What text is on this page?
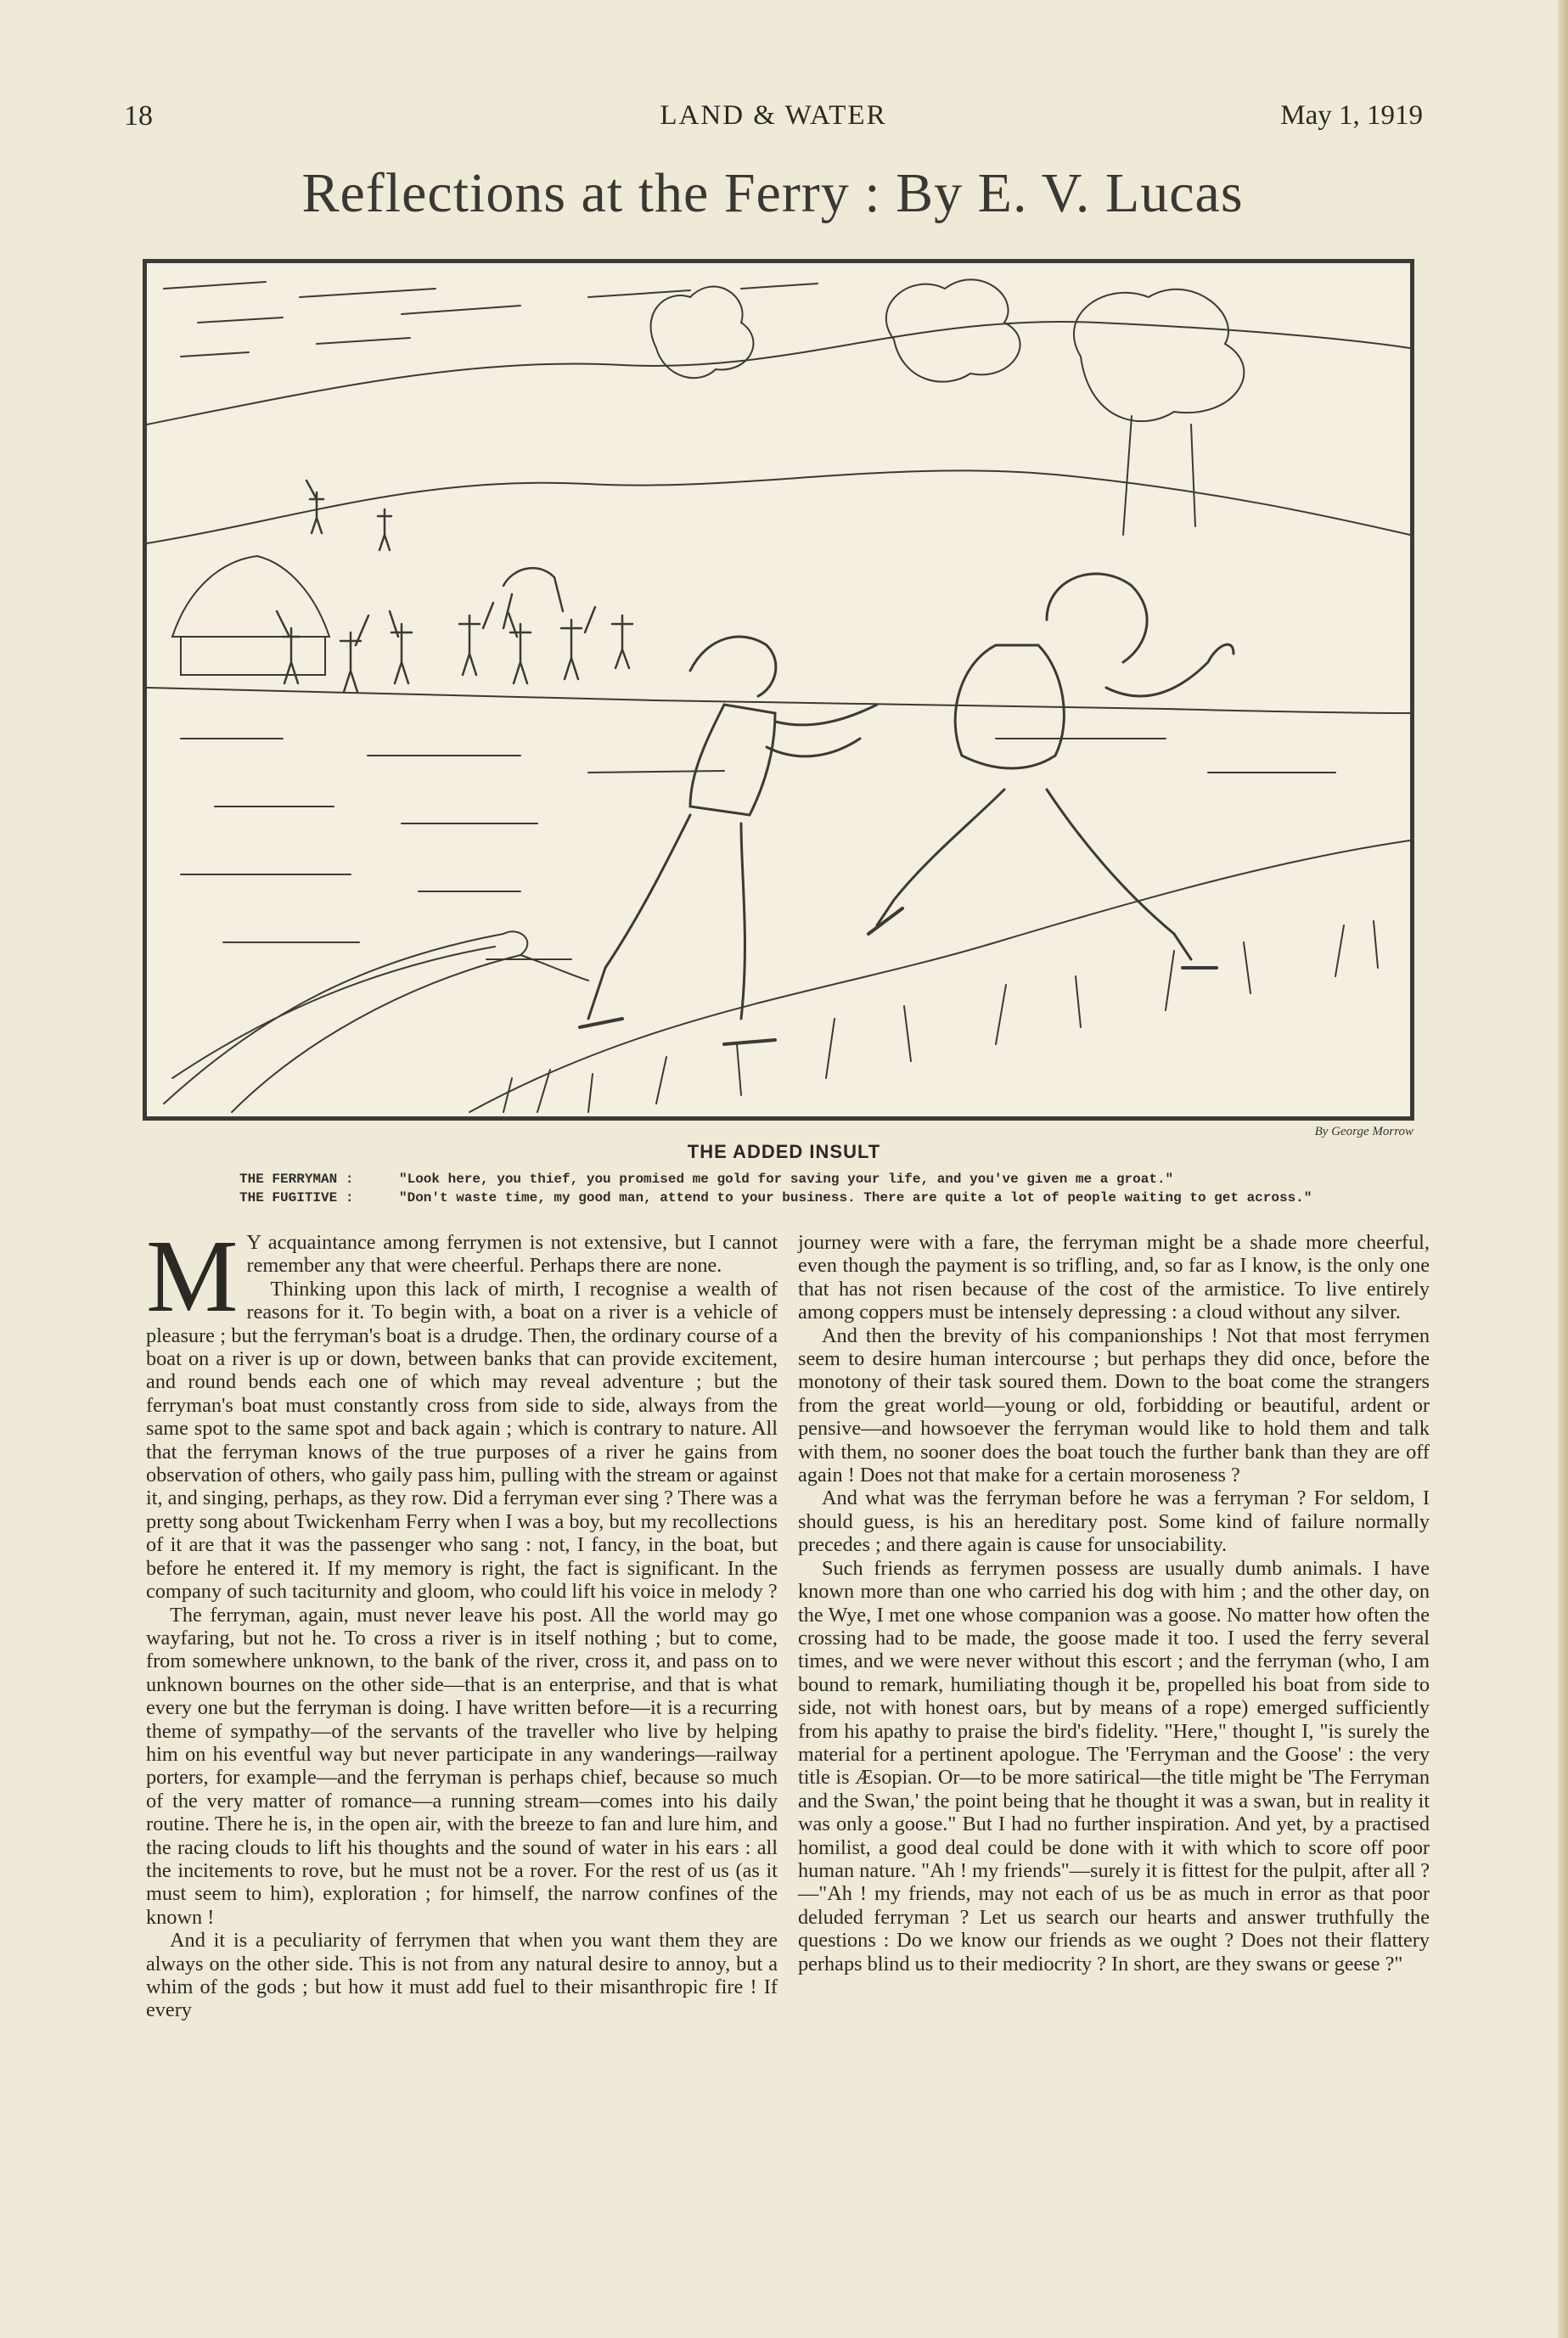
18	LAND & WATER	May 1, 1919
Reflections at the Ferry : By E. V. Lucas
By George Morrow
THE ADDED INSULT
THE FERRYMAN :	"Look here, you thief, you promised me gold for saving your life, and you've given me a groat."
THE FUGITIVE :	"Don't waste time, my good man, attend to your business. There are quite a lot of people waiting to get across."

M Y acquaintance among ferrymen is not extensive, but I cannot remember any that were cheerful. Perhaps there are none.

Thinking upon this lack of mirth, I recognise a wealth of reasons for it. To begin with, a boat on a river is a vehicle of pleasure ; but the ferryman's boat is a drudge. Then, the ordinary course of a boat on a river is up or down, between banks that can provide excitement, and round bends each one of which may reveal adventure ; but the ferryman's boat must constantly cross from side to side, always from the same spot to the same spot and back again ; which is contrary to nature. All that the ferryman knows of the true purposes of a river he gains from observation of others, who gaily pass him, pulling with the stream or against it, and singing, perhaps, as they row. Did a ferryman ever sing ? There was a pretty song about Twickenham Ferry when I was a boy, but my recollections of it are that it was the passenger who sang : not, I fancy, in the boat, but before he entered it. If my memory is right, the fact is significant. In the company of such taciturnity and gloom, who could lift his voice in melody ?

The ferryman, again, must never leave his post. All the world may go wayfaring, but not he. To cross a river is in itself nothing ; but to come, from somewhere unknown, to the bank of the river, cross it, and pass on to unknown bournes on the other side—that is an enterprise, and that is what every one but the ferryman is doing. I have written before—it is a recurring theme of sympathy—of the servants of the traveller who live by helping him on his eventful way but never participate in any wanderings—railway porters, for example—and the ferryman is perhaps chief, because so much of the very matter of romance—a running stream—comes into his daily routine. There he is, in the open air, with the breeze to fan and lure him, and the racing clouds to lift his thoughts and the sound of water in his ears : all the incitements to rove, but he must not be a rover. For the rest of us (as it must seem to him), exploration ; for himself, the narrow confines of the known !

And it is a peculiarity of ferrymen that when you want them they are always on the other side. This is not from any natural desire to annoy, but a whim of the gods ; but how it must add fuel to their misanthropic fire ! If every

journey were with a fare, the ferryman might be a shade more cheerful, even though the payment is so trifling, and, so far as I know, is the only one that has not risen because of the cost of the armistice. To live entirely among coppers must be intensely depressing : a cloud without any silver.

And then the brevity of his companionships ! Not that most ferrymen seem to desire human intercourse ; but perhaps they did once, before the monotony of their task soured them. Down to the boat come the strangers from the great world—young or old, forbidding or beautiful, ardent or pensive—and howsoever the ferryman would like to hold them and talk with them, no sooner does the boat touch the further bank than they are off again ! Does not that make for a certain moroseness ?

And what was the ferryman before he was a ferryman ? For seldom, I should guess, is his an hereditary post. Some kind of failure normally precedes ; and there again is cause for unsociability.

Such friends as ferrymen possess are usually dumb animals. I have known more than one who carried his dog with him ; and the other day, on the Wye, I met one whose companion was a goose. No matter how often the crossing had to be made, the goose made it too. I used the ferry several times, and we were never without this escort ; and the ferryman (who, I am bound to remark, humiliating though it be, propelled his boat from side to side, not with honest oars, but by means of a rope) emerged sufficiently from his apathy to praise the bird's fidelity. "Here," thought I, "is surely the material for a pertinent apologue. The 'Ferryman and the Goose' : the very title is Æsopian. Or—to be more satirical—the title might be 'The Ferryman and the Swan,' the point being that he thought it was a swan, but in reality it was only a goose." But I had no further inspiration. And yet, by a practised homilist, a good deal could be done with it with which to score off poor human nature. "Ah ! my friends"—surely it is fittest for the pulpit, after all ?—"Ah ! my friends, may not each of us be as much in error as that poor deluded ferryman ? Let us search our hearts and answer truthfully the questions : Do we know our friends as we ought ? Does not their flattery perhaps blind us to their mediocrity ? In short, are they swans or geese ?"
